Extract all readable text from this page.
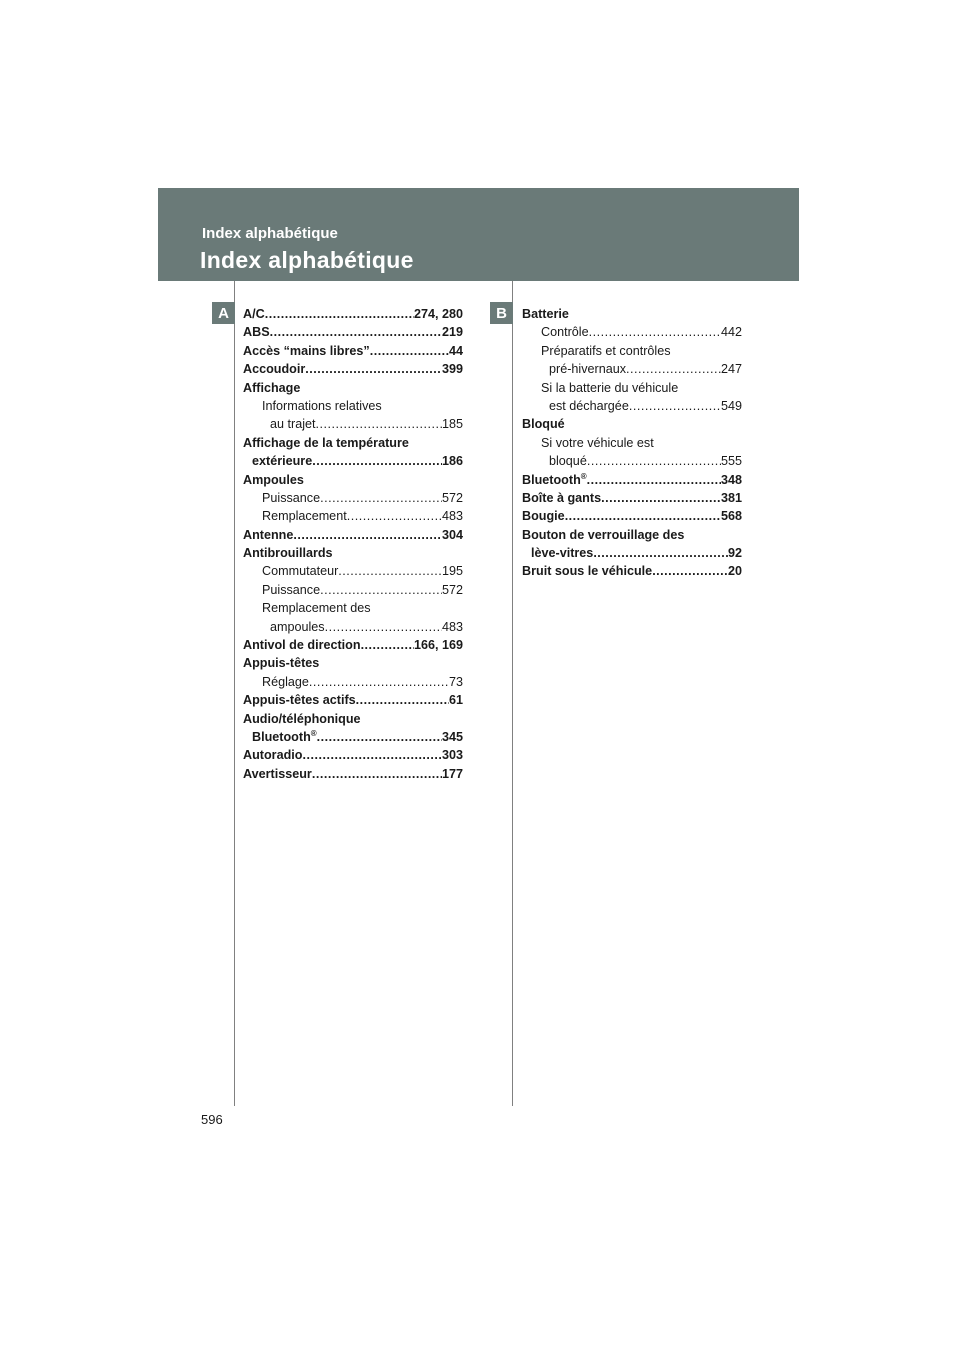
Index alphabétique
Index alphabétique
A	B
A/C .....	274, 280
ABS .....	219
Accès “mains libres” .....	44
Accoudoir .....	399
Affichage
Informations relatives
au trajet .....	185
Affichage de la température
extérieure .....	186
Ampoules
Puissance .....	572
Remplacement .....	483
Antenne .....	304
Antibrouillards
Commutateur .....	195
Puissance .....	572
Remplacement des
ampoules .....	483
Antivol de direction .....	166, 169
Appuis-têtes
Réglage .....	73
Appuis-têtes actifs .....	61
Audio/téléphonique
Bluetooth® .....	345
Autoradio .....	303
Avertisseur .....	177
Batterie
Contrôle .....	442
Préparatifs et contrôles
pré-hivernaux .....	247
Si la batterie du véhicule
est déchargée .....	549
Bloqué
Si votre véhicule est
bloqué .....	555
Bluetooth® .....	348
Boîte à gants .....	381
Bougie .....	568
Bouton de verrouillage des
lève-vitres .....	92
Bruit sous le véhicule .....	20
596
